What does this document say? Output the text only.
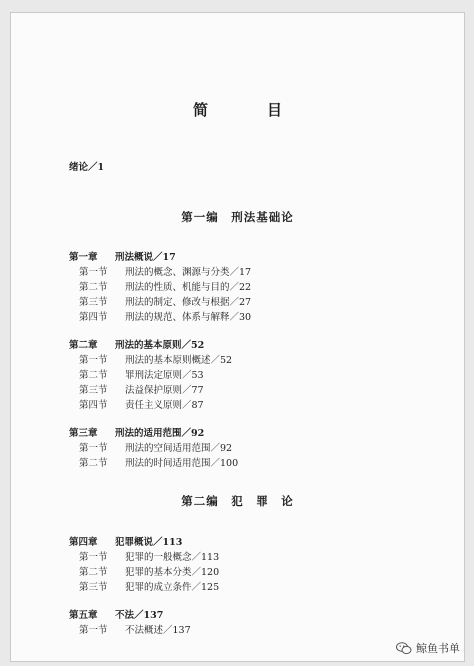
简　目
绪论／1
第一编　刑法基础论
第一章 刑法概说／17
第一节 刑法的概念、渊源与分类／17
第二节 刑法的性质、机能与目的／22
第三节 刑法的制定、修改与根据／27
第四节 刑法的规范、体系与解释／30
第二章 刑法的基本原则／52
第一节 刑法的基本原则概述／52
第二节 罪刑法定原则／53
第三节 法益保护原则／77
第四节 责任主义原则／87
第三章 刑法的适用范围／92
第一节 刑法的空间适用范围／92
第二节 刑法的时间适用范围／100
第二编　犯　罪　论
第四章 犯罪概说／113
第一节 犯罪的一般概念／113
第二节 犯罪的基本分类／120
第三节 犯罪的成立条件／125
第五章 不法／137
第一节 不法概述／137
鲸鱼书单
